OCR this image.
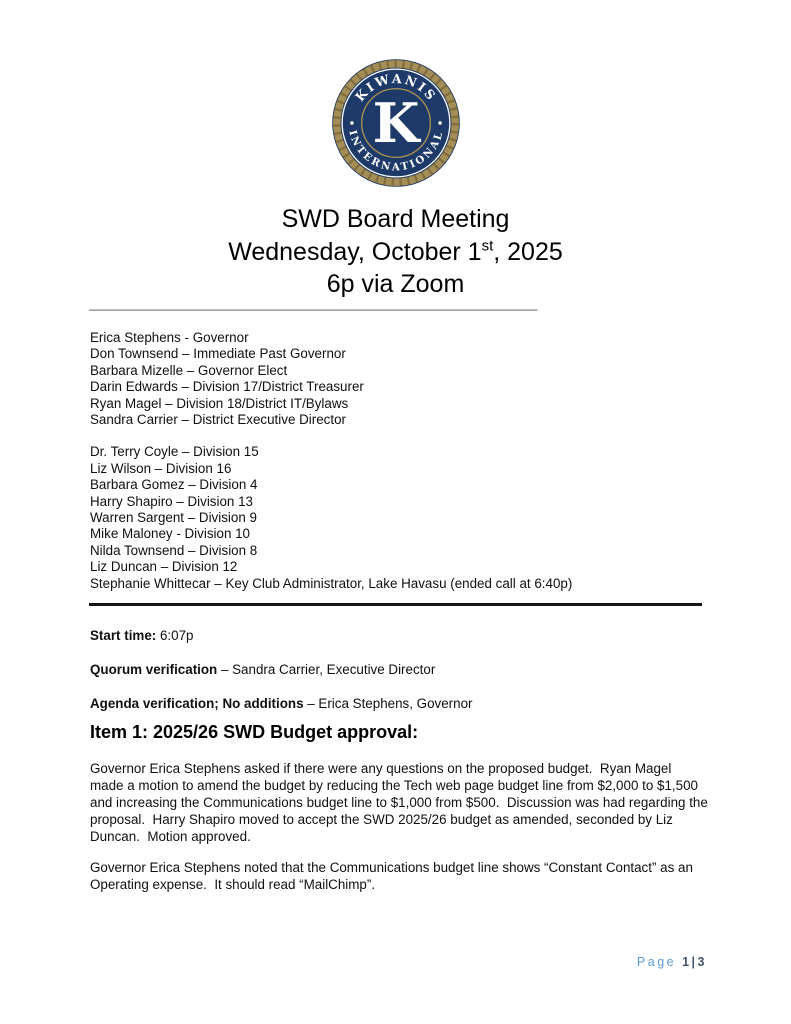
KIWANIS
INTERNATIONAL
K
SWD Board Meeting
Wednesday, October 1st, 2025
6p via Zoom
______________________________________________________________
Erica Stephens - Governor
Don Townsend – Immediate Past Governor
Barbara Mizelle – Governor Elect
Darin Edwards – Division 17/District Treasurer
Ryan Magel – Division 18/District IT/Bylaws
Sandra Carrier – District Executive Director
Dr. Terry Coyle – Division 15
Liz Wilson – Division 16
Barbara Gomez – Division 4
Harry Shapiro – Division 13
Warren Sargent – Division 9
Mike Maloney - Division 10
Nilda Townsend – Division 8
Liz Duncan – Division 12
Stephanie Whittecar – Key Club Administrator, Lake Havasu (ended call at 6:40p)

Start time: 6:07p

Quorum verification – Sandra Carrier, Executive Director

Agenda verification; No additions – Erica Stephens, Governor

Item 1: 2025/26 SWD Budget approval:

Governor Erica Stephens asked if there were any questions on the proposed budget.  Ryan Magel made a motion to amend the budget by reducing the Tech web page budget line from $2,000 to $1,500 and increasing the Communications budget line to $1,000 from $500.  Discussion was had regarding the proposal.  Harry Shapiro moved to accept the SWD 2025/26 budget as amended, seconded by Liz Duncan.  Motion approved.

Governor Erica Stephens noted that the Communications budget line shows “Constant Contact” as an Operating expense.  It should read “MailChimp”.

Page 1|3
